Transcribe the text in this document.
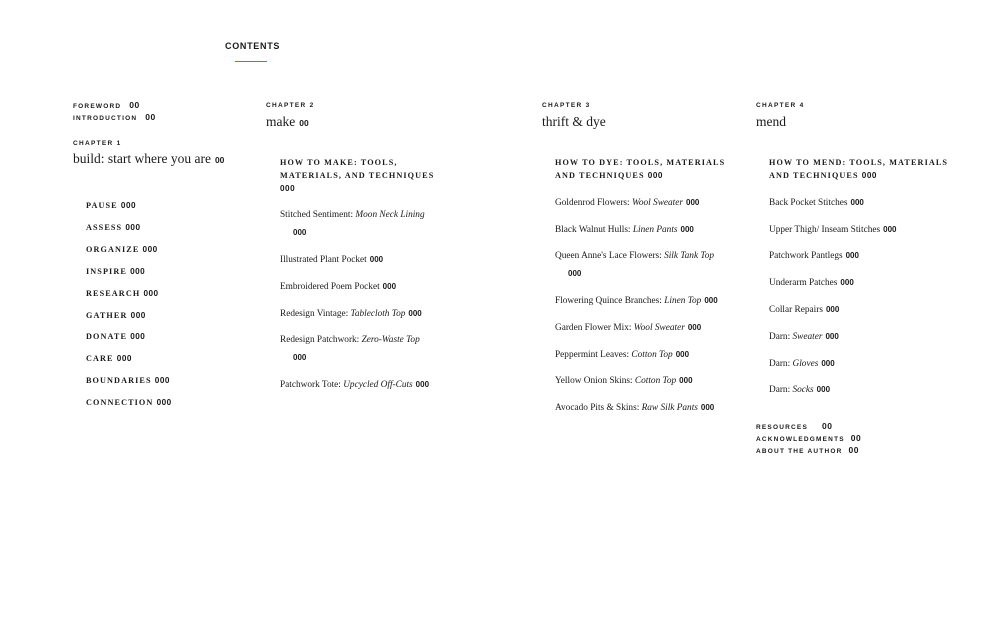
CONTENTS
FOREWORD 00
INTRODUCTION 00
CHAPTER 1
build: start where you are 00
PAUSE 000
ASSESS 000
ORGANIZE 000
INSPIRE 000
RESEARCH 000
GATHER 000
DONATE 000
CARE 000
BOUNDARIES 000
CONNECTION 000
CHAPTER 2
make 00
HOW TO MAKE: TOOLS,
MATERIALS, AND TECHNIQUES
000
Stitched Sentiment: Moon Neck Lining
000
Illustrated Plant Pocket 000
Embroidered Poem Pocket 000
Redesign Vintage: Tablecloth Top 000
Redesign Patchwork: Zero-Waste Top
000
Patchwork Tote: Upcycled Off-Cuts 000
CHAPTER 3
thrift & dye
HOW TO DYE: TOOLS, MATERIALS
AND TECHNIQUES 000
Goldenrod Flowers: Wool Sweater 000
Black Walnut Hulls: Linen Pants 000
Queen Anne's Lace Flowers: Silk Tank Top
000
Flowering Quince Branches: Linen Top 000
Garden Flower Mix: Wool Sweater 000
Peppermint Leaves: Cotton Top 000
Yellow Onion Skins: Cotton Top 000
Avocado Pits & Skins: Raw Silk Pants 000
CHAPTER 4
mend
HOW TO MEND: TOOLS, MATERIALS
AND TECHNIQUES 000
Back Pocket Stitches 000
Upper Thigh/ Inseam Stitches 000
Patchwork Pantlegs 000
Underarm Patches 000
Collar Repairs 000
Darn: Sweater 000
Darn: Gloves 000
Darn: Socks 000
RESOURCES 00
ACKNOWLEDGMENTS 00
ABOUT THE AUTHOR 00
